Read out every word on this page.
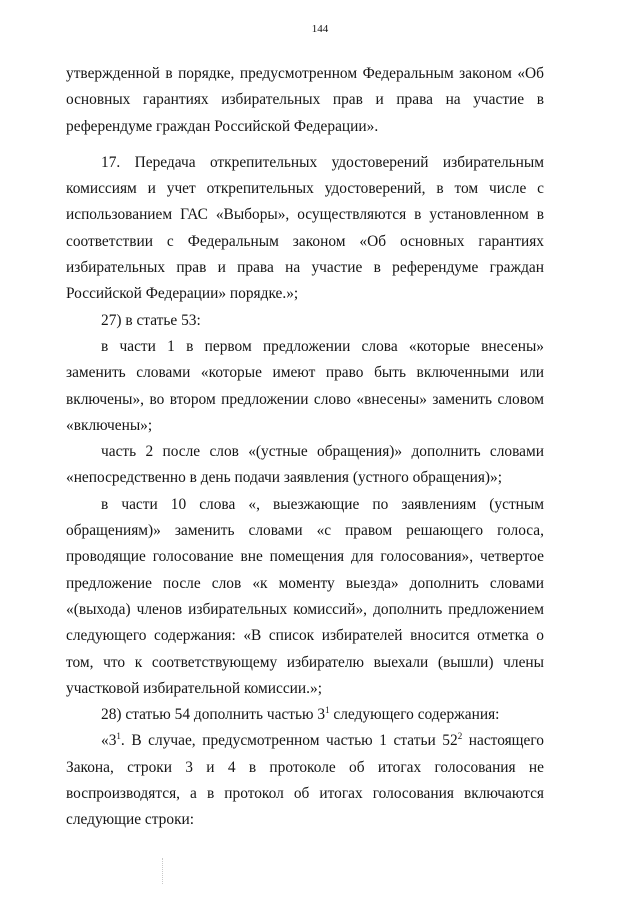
144

утвержденной в порядке, предусмотренном Федеральным законом «Об основных гарантиях избирательных прав и права на участие в референдуме граждан Российской Федерации».

17. Передача открепительных удостоверений избирательным комиссиям и учет открепительных удостоверений, в том числе с использованием ГАС «Выборы», осуществляются в установленном в соответствии с Федеральным законом «Об основных гарантиях избирательных прав и права на участие в референдуме граждан Российской Федерации» порядке.»;

27) в статье 53:

в части 1 в первом предложении слова «которые внесены» заменить словами «которые имеют право быть включенными или включены», во втором предложении слово «внесены» заменить словом «включены»;

часть 2 после слов «(устные обращения)» дополнить словами «непосредственно в день подачи заявления (устного обращения)»;

в части 10 слова «, выезжающие по заявлениям (устным обращениям)» заменить словами «с правом решающего голоса, проводящие голосование вне помещения для голосования», четвертое предложение после слов «к моменту выезда» дополнить словами «(выхода) членов избирательных комиссий», дополнить предложением следующего содержания: «В список избирателей вносится отметка о том, что к соответствующему избирателю выехали (вышли) члены участковой избирательной комиссии.»;

28) статью 54 дополнить частью $3^1$ следующего содержания:

«$3^1$. В случае, предусмотренном частью 1 статьи $52^2$ настоящего Закона, строки 3 и 4 в протоколе об итогах голосования не воспроизводятся, а в протокол об итогах голосования включаются следующие строки:
